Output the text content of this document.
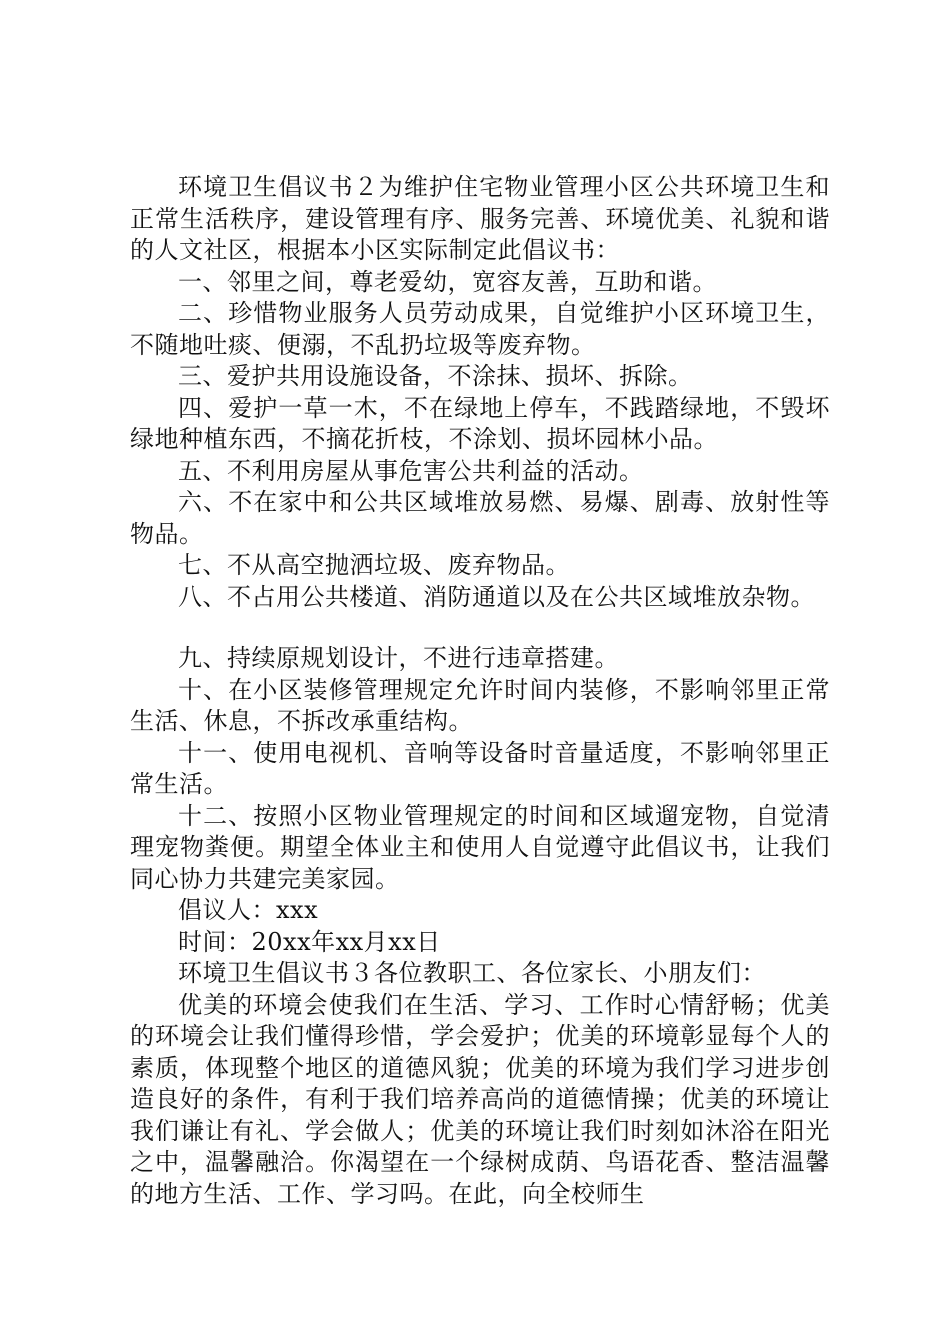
环境卫生倡议书２为维护住宅物业管理小区公共环境卫生和正常生活秩序，建设管理有序、服务完善、环境优美、礼貌和谐的人文社区，根据本小区实际制定此倡议书：

一、邻里之间，尊老爱幼，宽容友善，互助和谐。

二、珍惜物业服务人员劳动成果，自觉维护小区环境卫生，不随地吐痰、便溺，不乱扔垃圾等废弃物。

三、爱护共用设施设备，不涂抹、损坏、拆除。

四、爱护一草一木，不在绿地上停车，不践踏绿地，不毁坏绿地种植东西，不摘花折枝，不涂划、损坏园林小品。

五、不利用房屋从事危害公共利益的活动。

六、不在家中和公共区域堆放易燃、易爆、剧毒、放射性等物品。

七、不从高空抛洒垃圾、废弃物品。

八、不占用公共楼道、消防通道以及在公共区域堆放杂物。

九、持续原规划设计，不进行违章搭建。

十、在小区装修管理规定允许时间内装修，不影响邻里正常生活、休息，不拆改承重结构。

十一、使用电视机、音响等设备时音量适度，不影响邻里正常生活。

十二、按照小区物业管理规定的时间和区域遛宠物，自觉清理宠物粪便。期望全体业主和使用人自觉遵守此倡议书，让我们同心协力共建完美家园。

倡议人：xxx

时间：20xx年xx月xx日

环境卫生倡议书３各位教职工、各位家长、小朋友们：

优美的环境会使我们在生活、学习、工作时心情舒畅；优美的环境会让我们懂得珍惜，学会爱护；优美的环境彰显每个人的素质，体现整个地区的道德风貌；优美的环境为我们学习进步创造良好的条件，有利于我们培养高尚的道德情操；优美的环境让我们谦让有礼、学会做人；优美的环境让我们时刻如沐浴在阳光之中，温馨融洽。你渴望在一个绿树成荫、鸟语花香、整洁温馨的地方生活、工作、学习吗。在此，向全校师生
